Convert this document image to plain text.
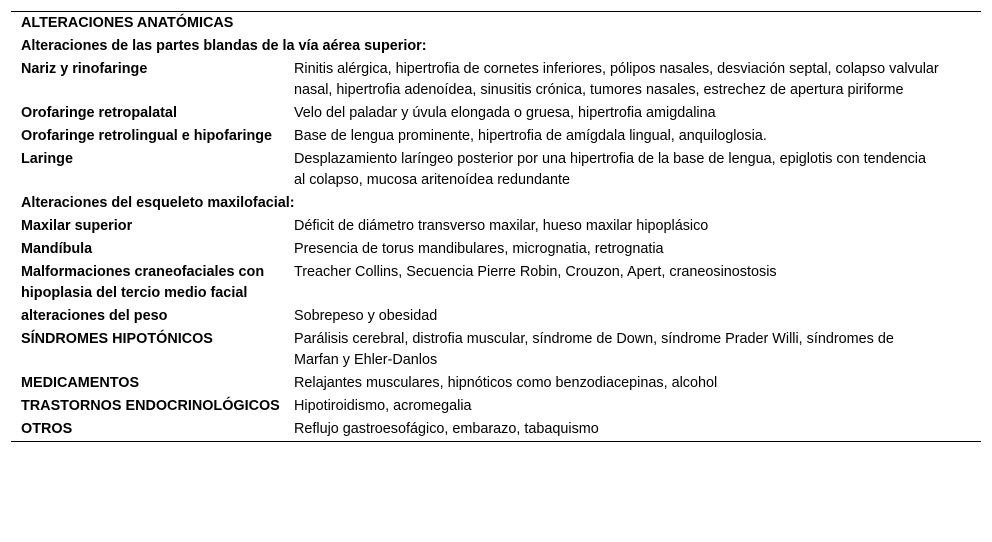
ALTERACIONES ANATÓMICAS	
Alteraciones de las partes blandas de la vía aérea superior:	
Nariz y rinofaringe	Rinitis alérgica, hipertrofia de cornetes inferiores, pólipos nasales, desviación septal, colapso valvular nasal, hipertrofia adenoídea, sinusitis crónica, tumores nasales, estrechez de apertura piriforme
Orofaringe retropalatal	Velo del paladar y úvula elongada o gruesa, hipertrofia amigdalina
Orofaringe retrolingual e hipofaringe	Base de lengua prominente, hipertrofia de amígdala lingual, anquiloglosia.
Laringe	Desplazamiento laríngeo posterior por una hipertrofia de la base de lengua, epiglotis con tendencia al colapso, mucosa aritenoídea redundante
Alteraciones del esqueleto maxilofacial:	
Maxilar superior	Déficit de diámetro transverso maxilar, hueso maxilar hipoplásico
Mandíbula	Presencia de torus mandibulares, micrognatia, retrognatia
Malformaciones craneofaciales con hipoplasia del tercio medio facial	Treacher Collins, Secuencia Pierre Robin, Crouzon, Apert, craneosinostosis
alteraciones del peso	Sobrepeso y obesidad
SÍNDROMES HIPOTÓNICOS	Parálisis cerebral, distrofia muscular, síndrome de Down, síndrome Prader Willi, síndromes de Marfan y Ehler-Danlos
MEDICAMENTOS	Relajantes musculares, hipnóticos como benzodiacepinas, alcohol
TRASTORNOS ENDOCRINOLÓGICOS	Hipotiroidismo, acromegalia
OTROS	Reflujo gastroesofágico, embarazo, tabaquismo
